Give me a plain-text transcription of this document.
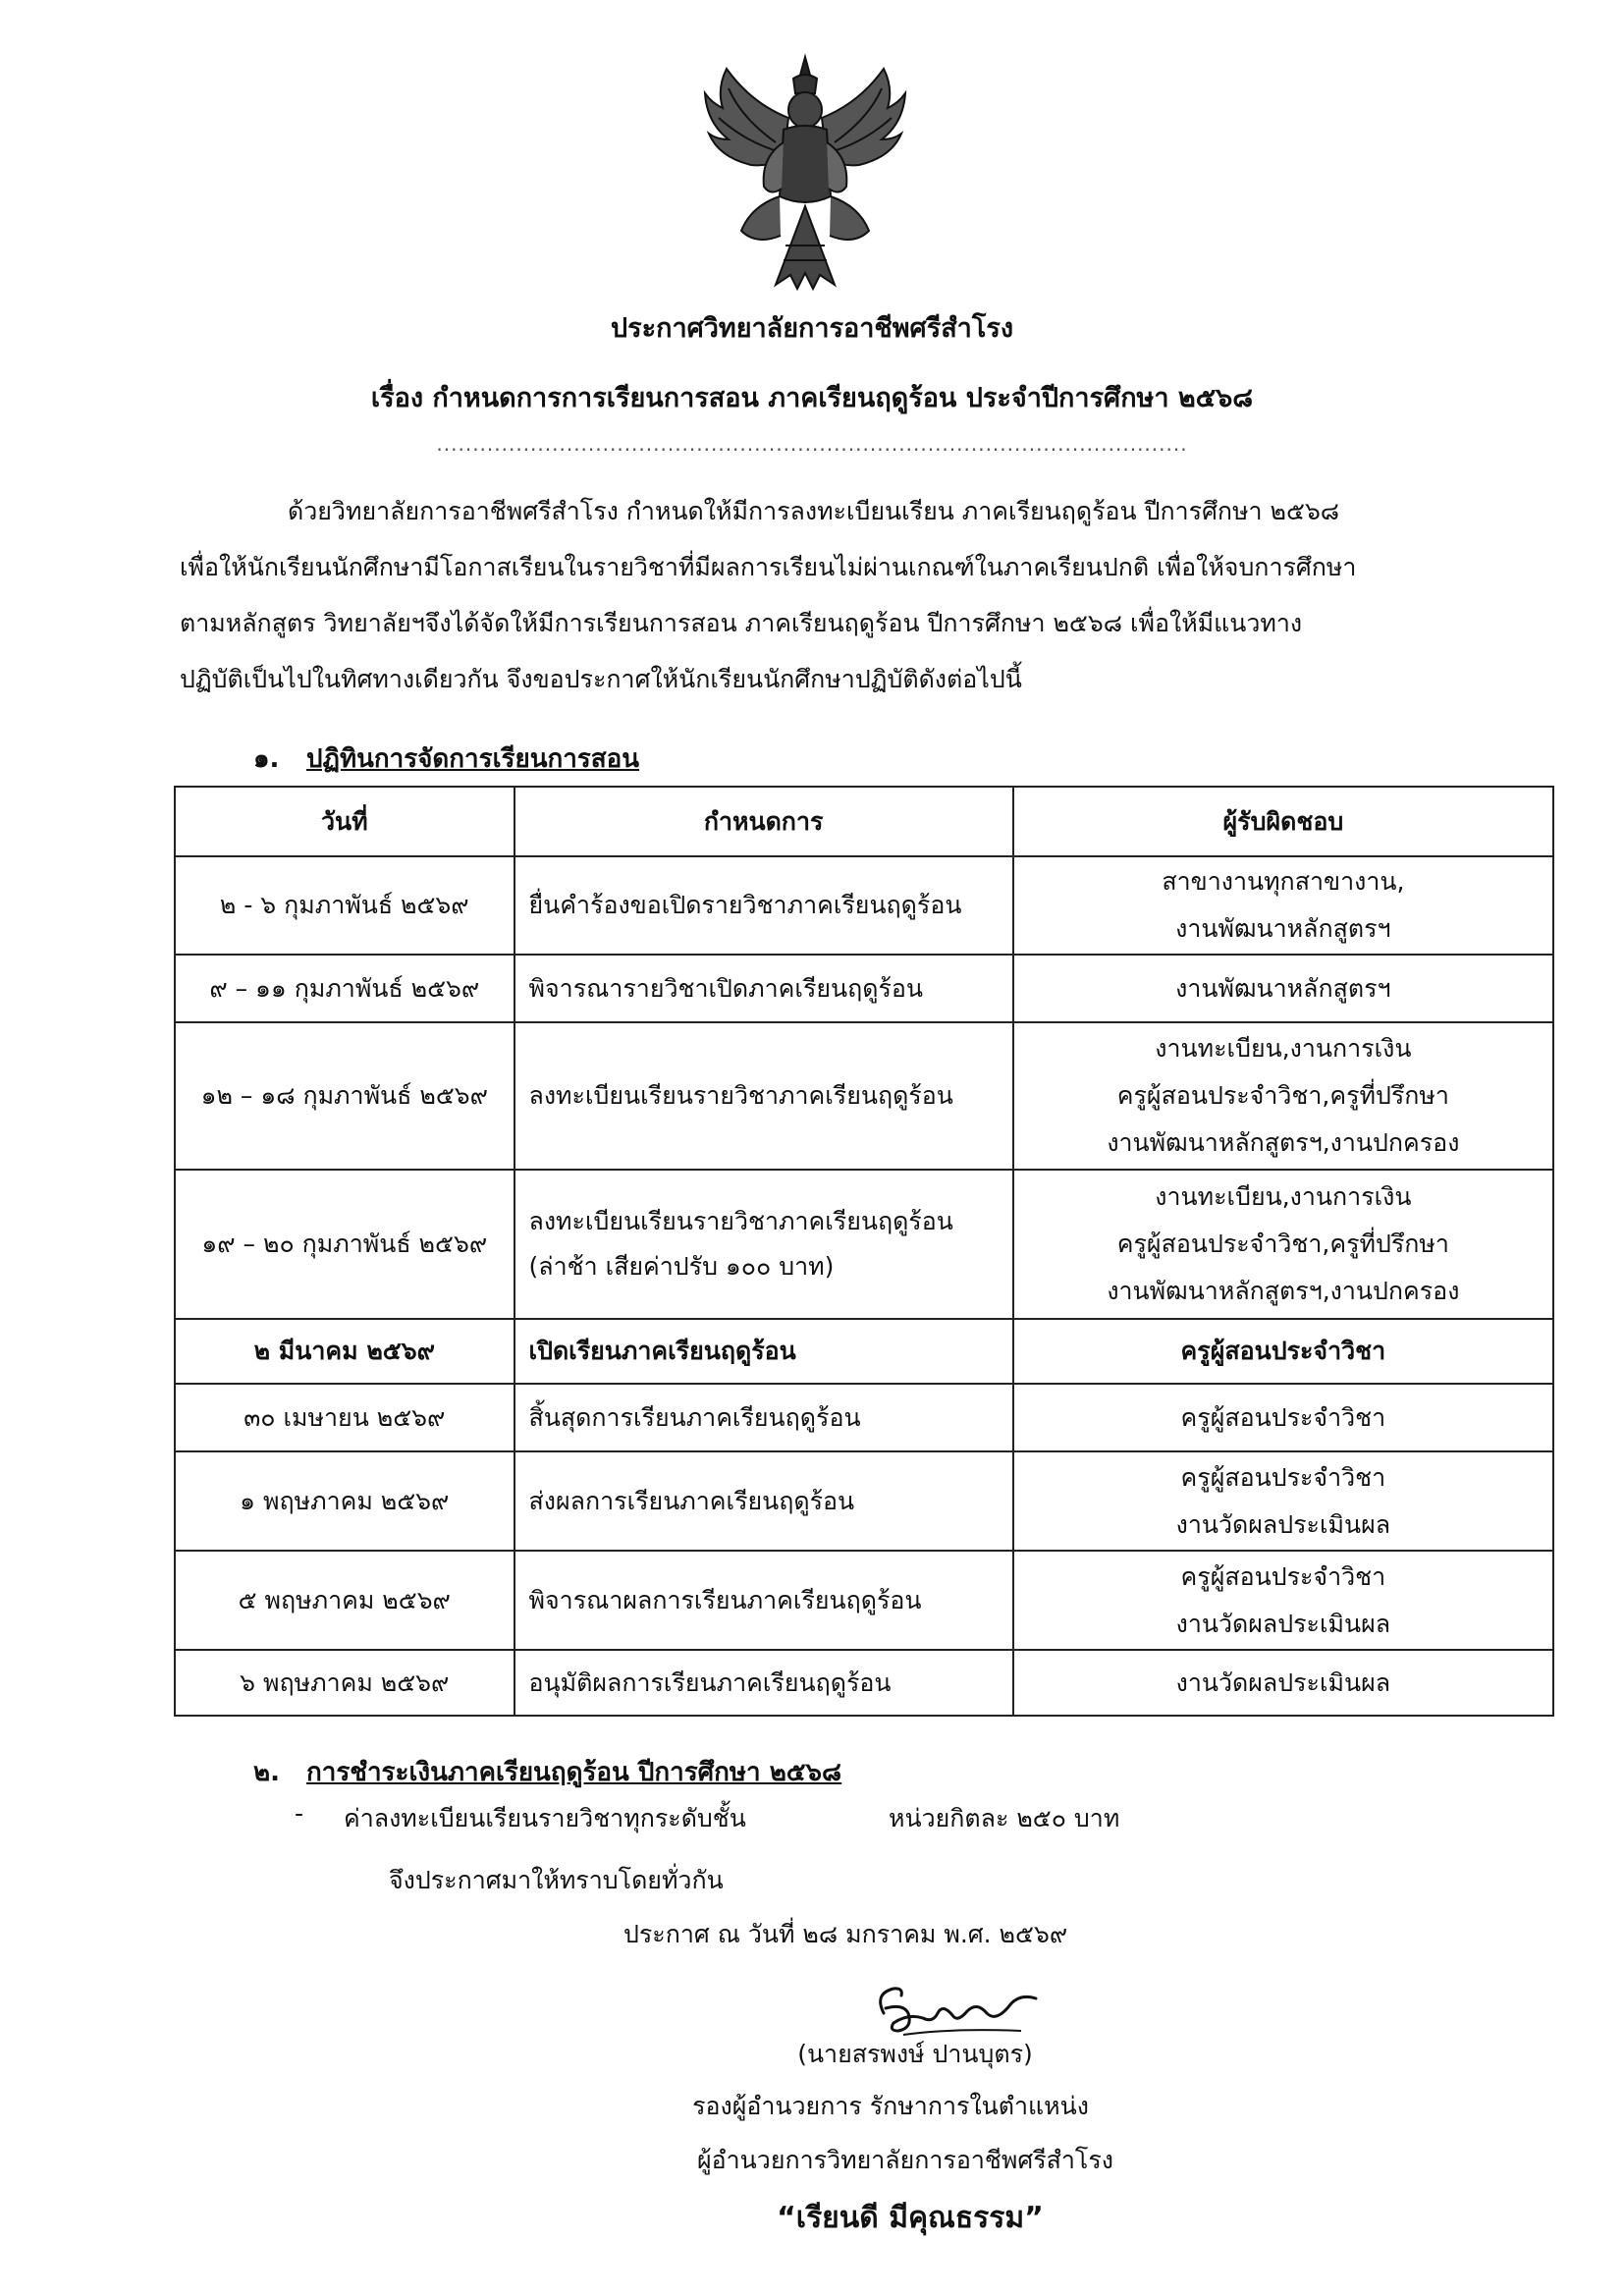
ประกาศวิทยาลัยการอาชีพศรีสำโรง
เรื่อง กำหนดการการเรียนการสอน ภาคเรียนฤดูร้อน ประจำปีการศึกษา ๒๕๖๘
........................................................................................................
ด้วยวิทยาลัยการอาชีพศรีสำโรง กำหนดให้มีการลงทะเบียนเรียน ภาคเรียนฤดูร้อน ปีการศึกษา ๒๕๖๘
เพื่อให้นักเรียนนักศึกษามีโอกาสเรียนในรายวิชาที่มีผลการเรียนไม่ผ่านเกณฑ์ในภาคเรียนปกติ เพื่อให้จบการศึกษา
ตามหลักสูตร วิทยาลัยฯจึงได้จัดให้มีการเรียนการสอน ภาคเรียนฤดูร้อน ปีการศึกษา ๒๕๖๘ เพื่อให้มีแนวทาง
ปฏิบัติเป็นไปในทิศทางเดียวกัน จึงขอประกาศให้นักเรียนนักศึกษาปฏิบัติดังต่อไปนี้
๑. ปฏิทินการจัดการเรียนการสอน
วันที่	กำหนดการ	ผู้รับผิดชอบ
๒ - ๖ กุมภาพันธ์ ๒๕๖๙	ยื่นคำร้องขอเปิดรายวิชาภาคเรียนฤดูร้อน	สาขางานทุกสาขางาน,
งานพัฒนาหลักสูตรฯ
๙ – ๑๑ กุมภาพันธ์ ๒๕๖๙	พิจารณารายวิชาเปิดภาคเรียนฤดูร้อน	งานพัฒนาหลักสูตรฯ
๑๒ – ๑๘ กุมภาพันธ์ ๒๕๖๙	ลงทะเบียนเรียนรายวิชาภาคเรียนฤดูร้อน	งานทะเบียน,งานการเงิน
ครูผู้สอนประจำวิชา,ครูที่ปรึกษา
งานพัฒนาหลักสูตรฯ,งานปกครอง
๑๙ – ๒๐ กุมภาพันธ์ ๒๕๖๙	ลงทะเบียนเรียนรายวิชาภาคเรียนฤดูร้อน
(ล่าช้า เสียค่าปรับ ๑๐๐ บาท)	งานทะเบียน,งานการเงิน
ครูผู้สอนประจำวิชา,ครูที่ปรึกษา
งานพัฒนาหลักสูตรฯ,งานปกครอง
๒ มีนาคม ๒๕๖๙	เปิดเรียนภาคเรียนฤดูร้อน	ครูผู้สอนประจำวิชา
๓๐ เมษายน ๒๕๖๙	สิ้นสุดการเรียนภาคเรียนฤดูร้อน	ครูผู้สอนประจำวิชา
๑ พฤษภาคม ๒๕๖๙	ส่งผลการเรียนภาคเรียนฤดูร้อน	ครูผู้สอนประจำวิชา
งานวัดผลประเมินผล
๕ พฤษภาคม ๒๕๖๙	พิจารณาผลการเรียนภาคเรียนฤดูร้อน	ครูผู้สอนประจำวิชา
งานวัดผลประเมินผล
๖ พฤษภาคม ๒๕๖๙	อนุมัติผลการเรียนภาคเรียนฤดูร้อน	งานวัดผลประเมินผล
๒. การชำระเงินภาคเรียนฤดูร้อน ปีการศึกษา ๒๕๖๘
- ค่าลงทะเบียนเรียนรายวิชาทุกระดับชั้น	หน่วยกิตละ ๒๕๐ บาท
จึงประกาศมาให้ทราบโดยทั่วกัน
ประกาศ ณ วันที่ ๒๘ มกราคม พ.ศ. ๒๕๖๙
(นายสรพงษ์ ปานบุตร)
รองผู้อำนวยการ รักษาการในตำแหน่ง
ผู้อำนวยการวิทยาลัยการอาชีพศรีสำโรง
“เรียนดี มีคุณธรรม”
